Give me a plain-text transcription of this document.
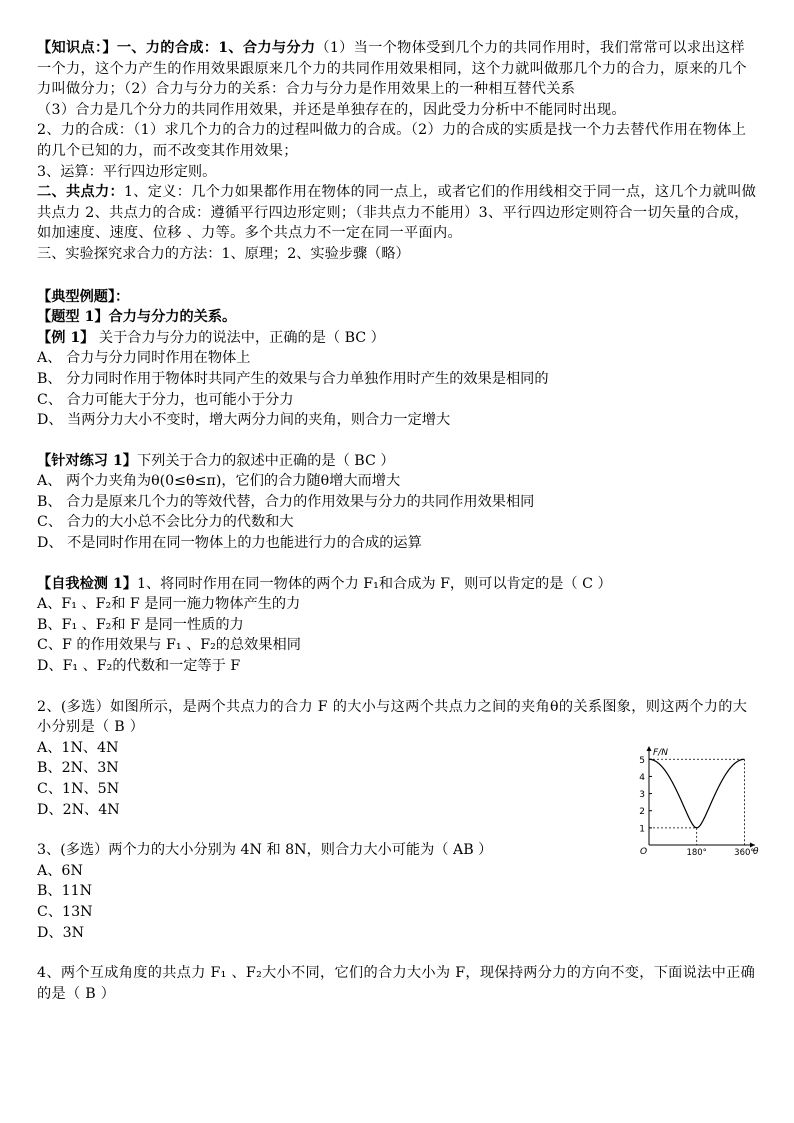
【知识点：】一、力的合成：1、合力与分力（1）当一个物体受到几个力的共同作用时，我们常常可以求出这样一个力，这个力产生的作用效果跟原来几个力的共同作用效果相同，这个力就叫做那几个力的合力，原来的几个力叫做分力；（2）合力与分力的关系：合力与分力是作用效果上的一种相互替代关系

（3）合力是几个分力的共同作用效果，并还是单独存在的，因此受力分析中不能同时出现。

2、力的合成：（1）求几个力的合力的过程叫做力的合成。（2）力的合成的实质是找一个力去替代作用在物体上的几个已知的力，而不改变其作用效果；

3、运算：平行四边形定则。

二、共点力：1、定义：几个力如果都作用在物体的同一点上，或者它们的作用线相交于同一点，这几个力就叫做共点力 2、共点力的合成：遵循平行四边形定则；（非共点力不能用）3、平行四边形定则符合一切矢量的合成，如加速度、速度、位移 、力等。多个共点力不一定在同一平面内。

三、实验探究求合力的方法：1、原理；2、实验步骤（略）

【典型例题】：

【题型 1】合力与分力的关系。

【例 1】 关于合力与分力的说法中，正确的是（ BC ）

A、 合力与分力同时作用在物体上

B、 分力同时作用于物体时共同产生的效果与合力单独作用时产生的效果是相同的

C、 合力可能大于分力，也可能小于分力

D、 当两分力大小不变时，增大两分力间的夹角，则合力一定增大

【针对练习 1】下列关于合力的叙述中正确的是（ BC ）

A、 两个力夹角为θ(0≤θ≤π)，它们的合力随θ增大而增大

B、 合力是原来几个力的等效代替，合力的作用效果与分力的共同作用效果相同

C、 合力的大小总不会比分力的代数和大

D、 不是同时作用在同一物体上的力也能进行力的合成的运算

【自我检测 1】1、将同时作用在同一物体的两个力 F₁和合成为 F，则可以肯定的是（ C ）

A、F₁ 、F₂和 F 是同一施力物体产生的力

B、F₁ 、F₂和 F 是同一性质的力

C、F 的作用效果与 F₁ 、F₂的总效果相同

D、F₁ 、F₂的代数和一定等于 F

2、(多选）如图所示，是两个共点力的合力 F 的大小与这两个共点力之间的夹角θ的关系图象，则这两个力的大小分别是（ B ）

A、1N、4N

B、2N、3N

C、1N、5N

D、2N、4N

1
2
3
4
5
F/N
θ
O	180°	360°

3、(多选）两个力的大小分别为 4N 和 8N，则合力大小可能为（ AB ）

A、6N

B、11N

C、13N

D、3N

4、两个互成角度的共点力 F₁ 、F₂大小不同，它们的合力大小为 F，现保持两分力的方向不变，下面说法中正确的是（ B ）
